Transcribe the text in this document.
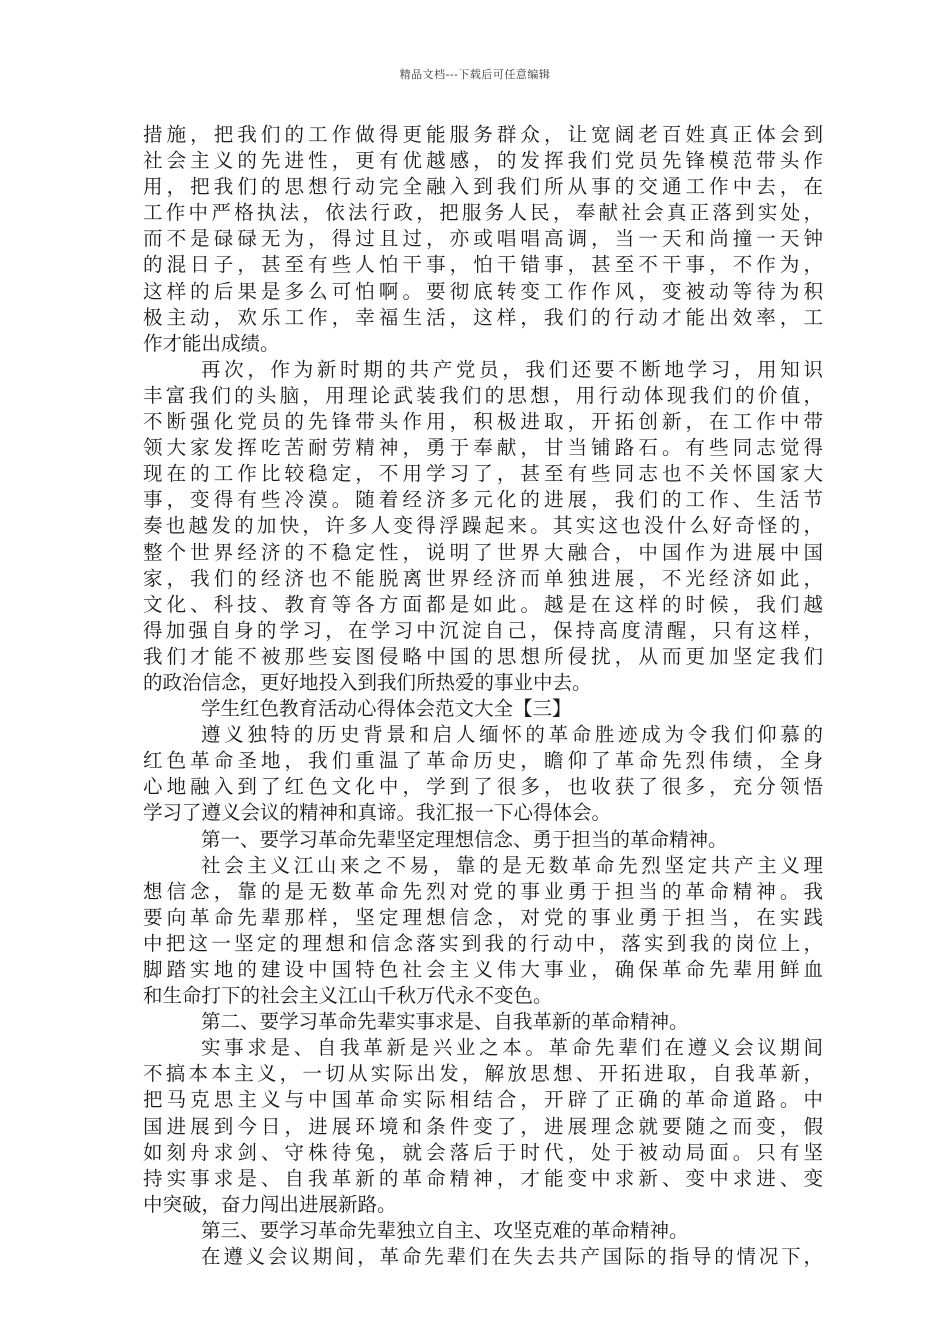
精品文档---下载后可任意编辑
措施，把我们的工作做得更能服务群众，让宽阔老百姓真正体会到
社会主义的先进性，更有优越感，的发挥我们党员先锋模范带头作
用，把我们的思想行动完全融入到我们所从事的交通工作中去，在
工作中严格执法，依法行政，把服务人民，奉献社会真正落到实处，
而不是碌碌无为，得过且过，亦或唱唱高调，当一天和尚撞一天钟
的混日子，甚至有些人怕干事，怕干错事，甚至不干事，不作为，
这样的后果是多么可怕啊。要彻底转变工作作风，变被动等待为积
极主动，欢乐工作，幸福生活，这样，我们的行动才能出效率，工
作才能出成绩。
再次，作为新时期的共产党员，我们还要不断地学习，用知识
丰富我们的头脑，用理论武装我们的思想，用行动体现我们的价值，
不断强化党员的先锋带头作用，积极进取，开拓创新，在工作中带
领大家发挥吃苦耐劳精神，勇于奉献，甘当铺路石。有些同志觉得
现在的工作比较稳定，不用学习了，甚至有些同志也不关怀国家大
事，变得有些冷漠。随着经济多元化的进展，我们的工作、生活节
奏也越发的加快，许多人变得浮躁起来。其实这也没什么好奇怪的，
整个世界经济的不稳定性，说明了世界大融合，中国作为进展中国
家，我们的经济也不能脱离世界经济而单独进展，不光经济如此，
文化、科技、教育等各方面都是如此。越是在这样的时候，我们越
得加强自身的学习，在学习中沉淀自己，保持高度清醒，只有这样，
我们才能不被那些妄图侵略中国的思想所侵扰，从而更加坚定我们
的政治信念，更好地投入到我们所热爱的事业中去。
学生红色教育活动心得体会范文大全【三】
遵义独特的历史背景和启人缅怀的革命胜迹成为令我们仰慕的
红色革命圣地，我们重温了革命历史，瞻仰了革命先烈伟绩，全身
心地融入到了红色文化中，学到了很多，也收获了很多，充分领悟
学习了遵义会议的精神和真谛。我汇报一下心得体会。
第一、要学习革命先辈坚定理想信念、勇于担当的革命精神。
社会主义江山来之不易，靠的是无数革命先烈坚定共产主义理
想信念，靠的是无数革命先烈对党的事业勇于担当的革命精神。我
要向革命先辈那样，坚定理想信念，对党的事业勇于担当，在实践
中把这一坚定的理想和信念落实到我的行动中，落实到我的岗位上，
脚踏实地的建设中国特色社会主义伟大事业，确保革命先辈用鲜血
和生命打下的社会主义江山千秋万代永不变色。
第二、要学习革命先辈实事求是、自我革新的革命精神。
实事求是、自我革新是兴业之本。革命先辈们在遵义会议期间
不搞本本主义，一切从实际出发，解放思想、开拓进取，自我革新，
把马克思主义与中国革命实际相结合，开辟了正确的革命道路。中
国进展到今日，进展环境和条件变了，进展理念就要随之而变，假
如刻舟求剑、守株待兔，就会落后于时代，处于被动局面。只有坚
持实事求是、自我革新的革命精神，才能变中求新、变中求进、变
中突破，奋力闯出进展新路。
第三、要学习革命先辈独立自主、攻坚克难的革命精神。
在遵义会议期间，革命先辈们在失去共产国际的指导的情况下，
